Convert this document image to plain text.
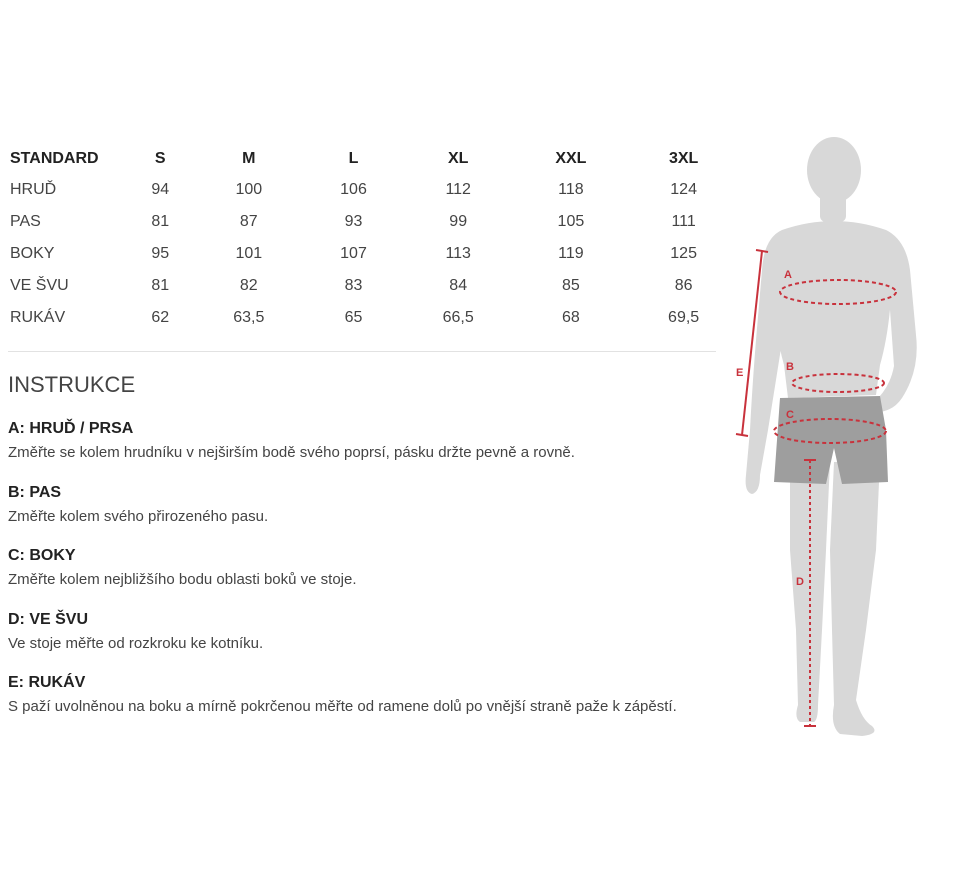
STANDARD	S	M	L	XL	XXL	3XL
HRUĎ	94	100	106	112	118	124
PAS	81	87	93	99	105	111
BOKY	95	101	107	113	119	125
VE ŠVU	81	82	83	84	85	86
RUKÁV	62	63,5	65	66,5	68	69,5
INSTRUKCE

A: HRUĎ / PRSA

Změřte se kolem hrudníku v nejširším bodě svého poprsí, pásku držte pevně a rovně.

B: PAS

Změřte kolem svého přirozeného pasu.

C: BOKY

Změřte kolem nejbližšího bodu oblasti boků ve stoje.

D: VE ŠVU

Ve stoje měřte od rozkroku ke kotníku.

E: RUKÁV

S paží uvolněnou na boku a mírně pokrčenou měřte od ramene dolů po vnější straně paže k zápěstí.

A
B
C
D
E
